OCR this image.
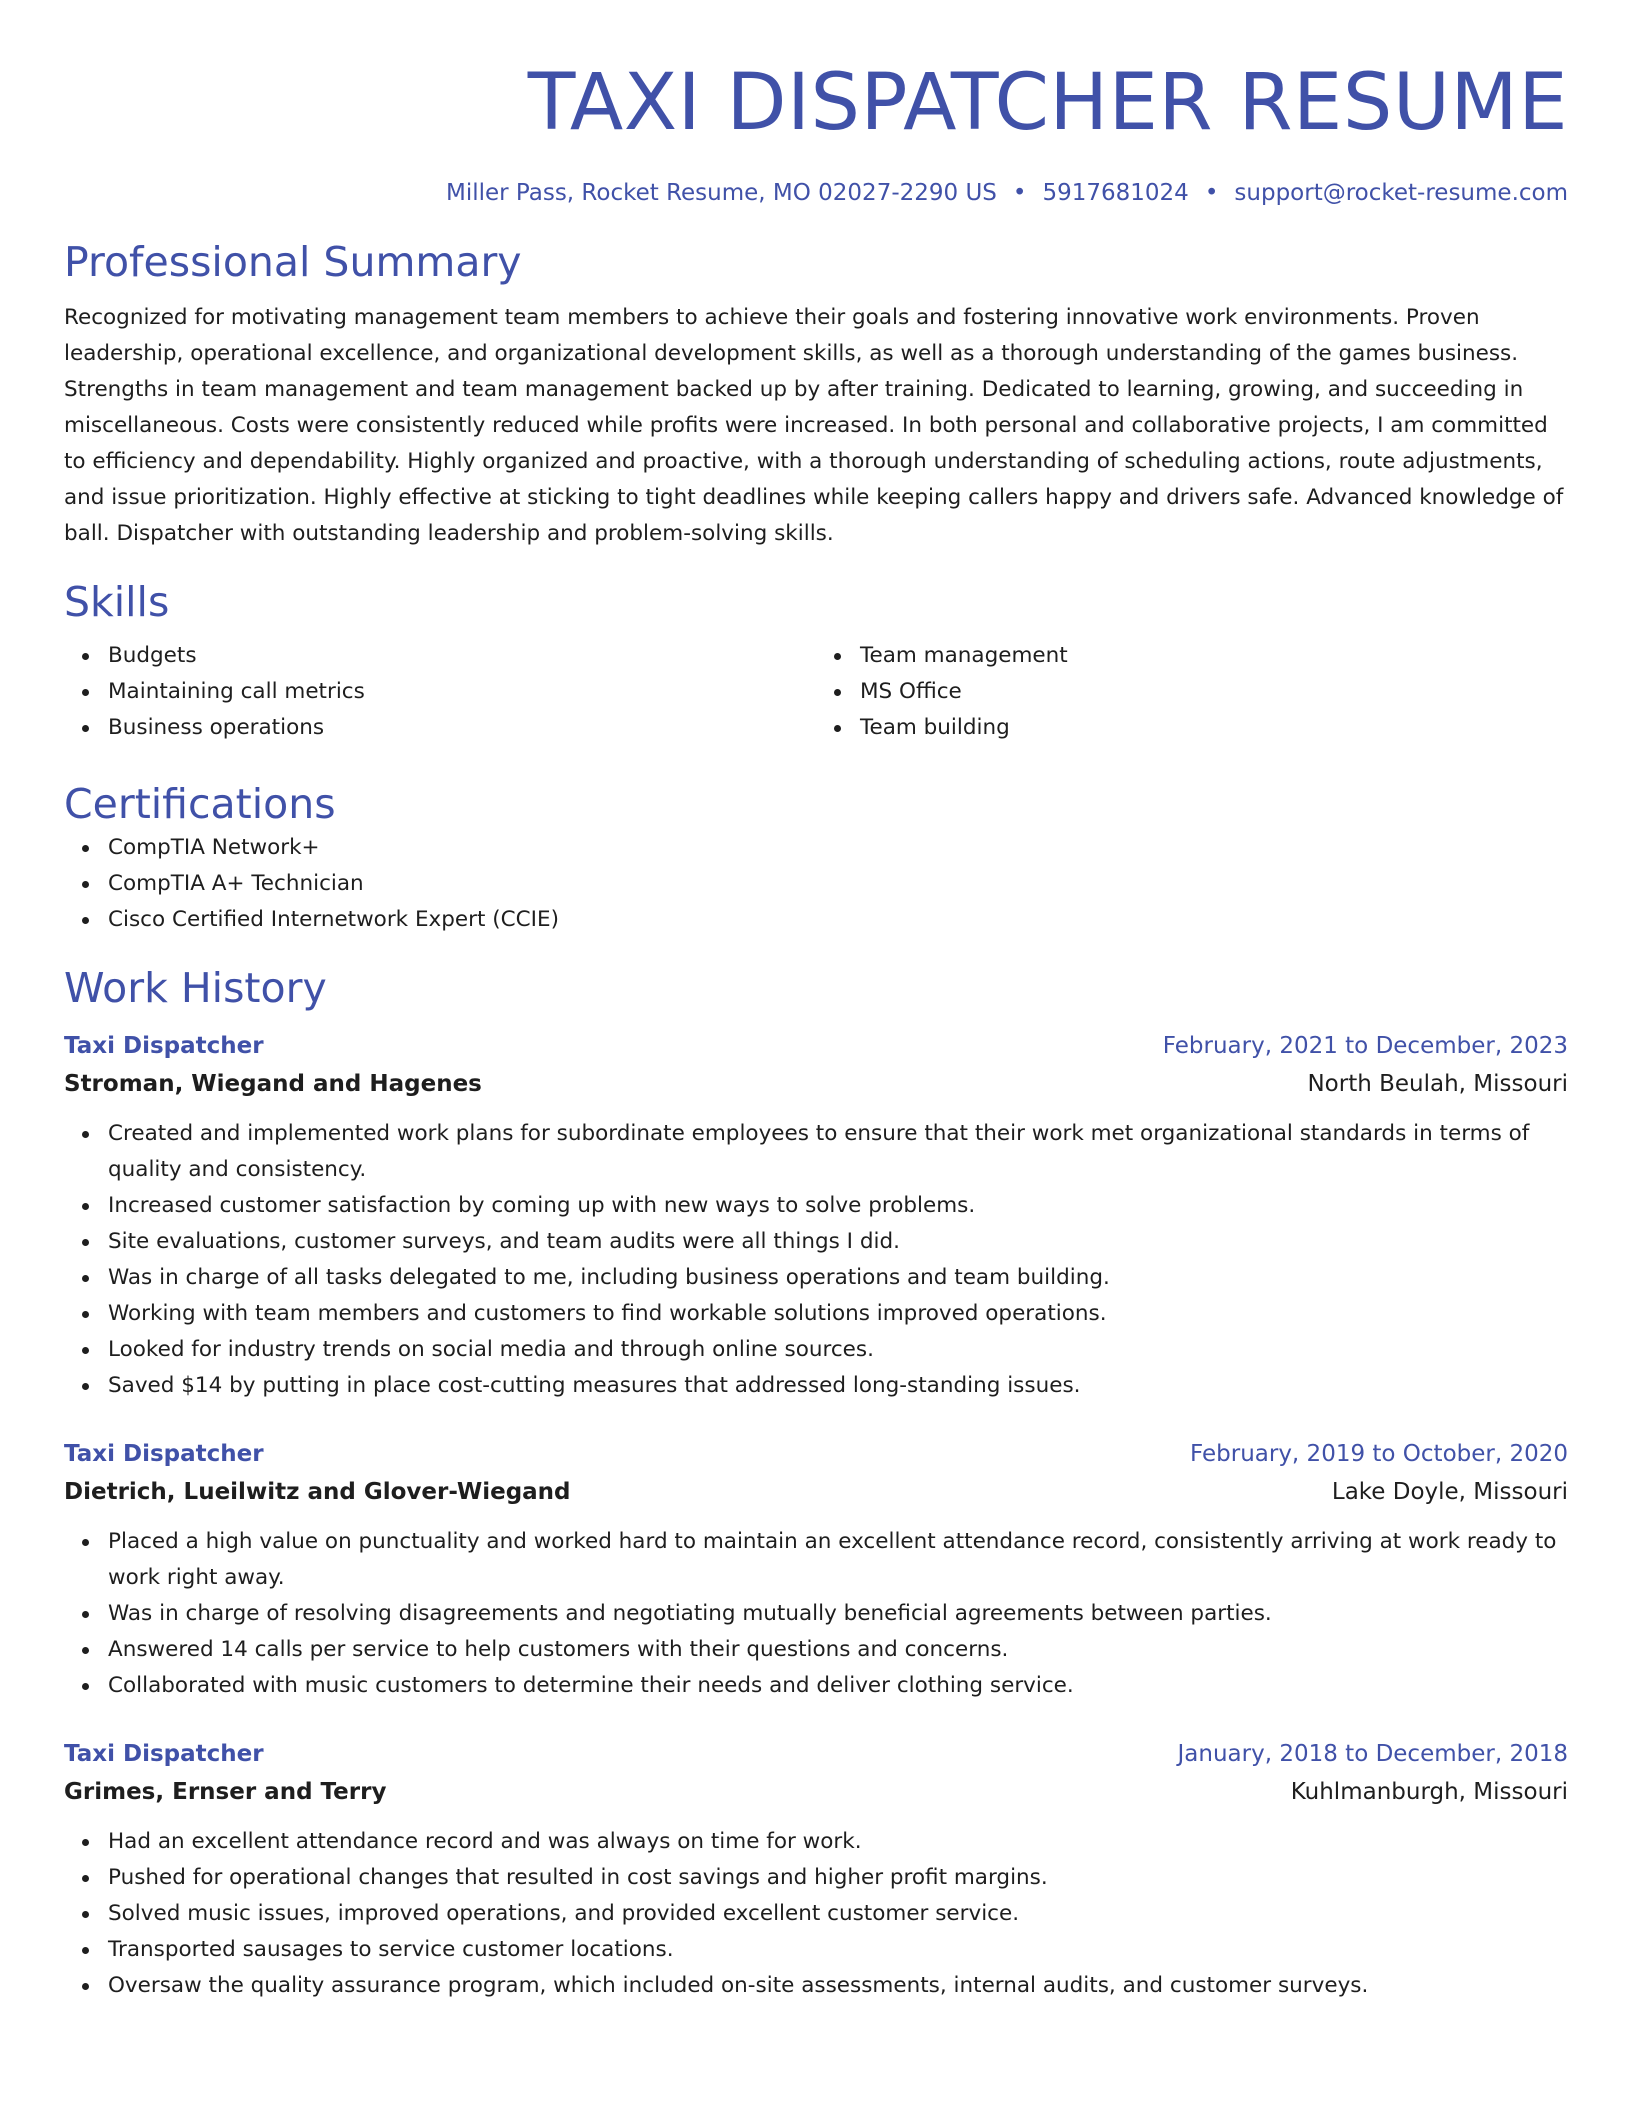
TAXI DISPATCHER RESUME
Miller Pass, Rocket Resume, MO 02027-2290 US • 5917681024 • support@rocket-resume.com
Professional Summary

Recognized for motivating management team members to achieve their goals and fostering innovative work environments. Proven leadership, operational excellence, and organizational development skills, as well as a thorough understanding of the games business. Strengths in team management and team management backed up by after training. Dedicated to learning, growing, and succeeding in miscellaneous. Costs were consistently reduced while profits were increased. In both personal and collaborative projects, I am committed to efficiency and dependability. Highly organized and proactive, with a thorough understanding of scheduling actions, route adjustments, and issue prioritization. Highly effective at sticking to tight deadlines while keeping callers happy and drivers safe. Advanced knowledge of ball. Dispatcher with outstanding leadership and problem-solving skills.

Skills
Budgets
Maintaining call metrics
Business operations
Team management
MS Office
Team building
Certifications
CompTIA Network+
CompTIA A+ Technician
Cisco Certified Internetwork Expert (CCIE)
Work History
Taxi Dispatcher	February, 2021 to December, 2023
Stroman, Wiegand and Hagenes	North Beulah, Missouri
Created and implemented work plans for subordinate employees to ensure that their work met organizational standards in terms of quality and consistency.
Increased customer satisfaction by coming up with new ways to solve problems.
Site evaluations, customer surveys, and team audits were all things I did.
Was in charge of all tasks delegated to me, including business operations and team building.
Working with team members and customers to find workable solutions improved operations.
Looked for industry trends on social media and through online sources.
Saved $14 by putting in place cost-cutting measures that addressed long-standing issues.
Taxi Dispatcher	February, 2019 to October, 2020
Dietrich, Lueilwitz and Glover-Wiegand	Lake Doyle, Missouri
Placed a high value on punctuality and worked hard to maintain an excellent attendance record, consistently arriving at work ready to work right away.
Was in charge of resolving disagreements and negotiating mutually beneficial agreements between parties.
Answered 14 calls per service to help customers with their questions and concerns.
Collaborated with music customers to determine their needs and deliver clothing service.
Taxi Dispatcher	January, 2018 to December, 2018
Grimes, Ernser and Terry	Kuhlmanburgh, Missouri
Had an excellent attendance record and was always on time for work.
Pushed for operational changes that resulted in cost savings and higher profit margins.
Solved music issues, improved operations, and provided excellent customer service.
Transported sausages to service customer locations.
Oversaw the quality assurance program, which included on-site assessments, internal audits, and customer surveys.
